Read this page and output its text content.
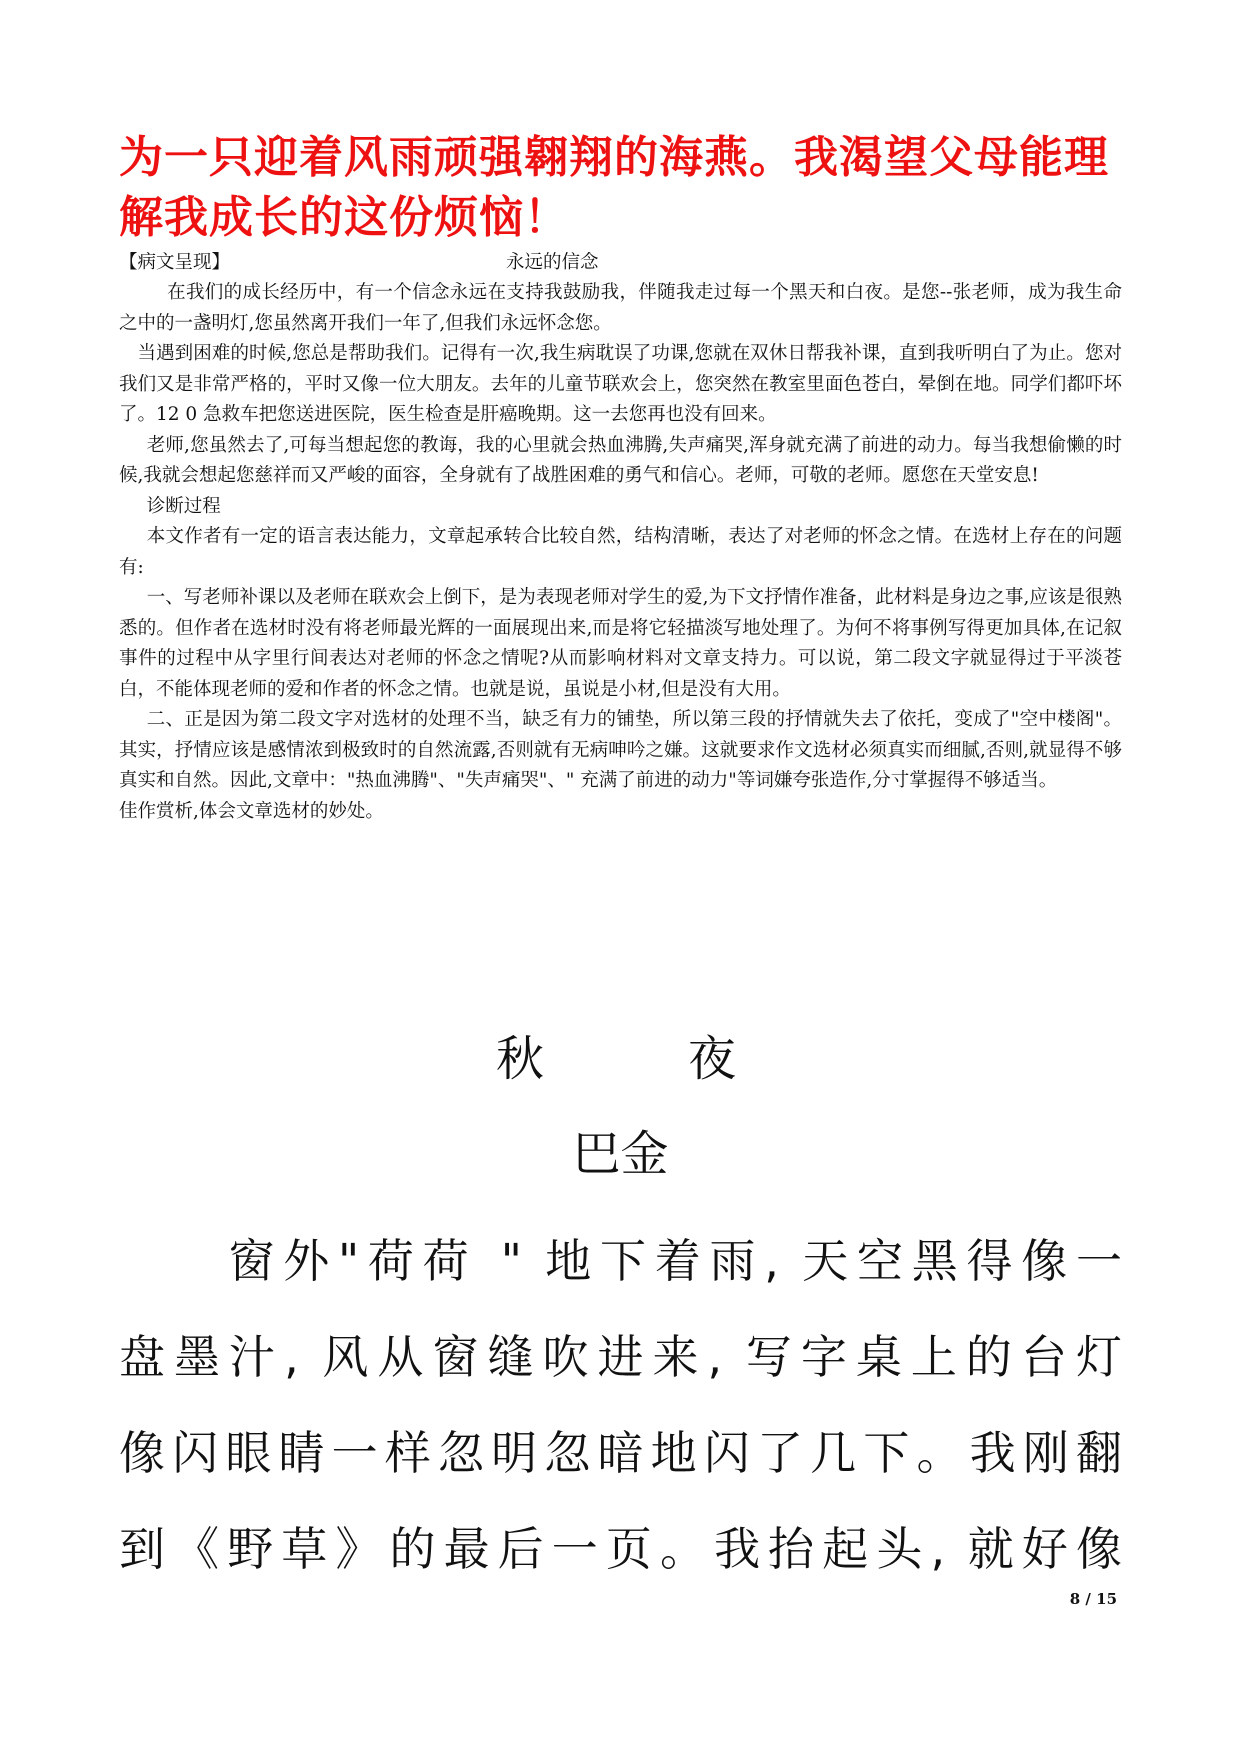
为一只迎着风雨顽强翱翔的海燕。我渴望父母能理

解我成长的这份烦恼！

【病文呈现】	永远的信念

在我们的成长经历中，有一个信念永远在支持我鼓励我，伴随我走过每一个黑天和白夜。是您--张老师，成为我生命之中的一盏明灯,您虽然离开我们一年了,但我们永远怀念您。

当遇到困难的时候,您总是帮助我们。记得有一次,我生病耽误了功课,您就在双休日帮我补课，直到我听明白了为止。您对我们又是非常严格的，平时又像一位大朋友。去年的儿童节联欢会上，您突然在教室里面色苍白，晕倒在地。同学们都吓坏了。12 0 急救车把您送进医院，医生检查是肝癌晚期。这一去您再也没有回来。

老师,您虽然去了,可每当想起您的教诲，我的心里就会热血沸腾,失声痛哭,浑身就充满了前进的动力。每当我想偷懒的时候,我就会想起您慈祥而又严峻的面容，全身就有了战胜困难的勇气和信心。老师，可敬的老师。愿您在天堂安息!

诊断过程

本文作者有一定的语言表达能力，文章起承转合比较自然，结构清晰，表达了对老师的怀念之情。在选材上存在的问题有:

一、写老师补课以及老师在联欢会上倒下，是为表现老师对学生的爱,为下文抒情作准备，此材料是身边之事,应该是很熟悉的。但作者在选材时没有将老师最光辉的一面展现出来,而是将它轻描淡写地处理了。为何不将事例写得更加具体,在记叙事件的过程中从字里行间表达对老师的怀念之情呢?从而影响材料对文章支持力。可以说，第二段文字就显得过于平淡苍白，不能体现老师的爱和作者的怀念之情。也就是说，虽说是小材,但是没有大用。

二、正是因为第二段文字对选材的处理不当，缺乏有力的铺垫，所以第三段的抒情就失去了依托，变成了"空中楼阁"。其实，抒情应该是感情浓到极致时的自然流露,否则就有无病呻吟之嫌。这就要求作文选材必须真实而细腻,否则,就显得不够真实和自然。因此,文章中："热血沸腾"、"失声痛哭"、" 充满了前进的动力"等词嫌夸张造作,分寸掌握得不够适当。

佳作赏析,体会文章选材的妙处。

秋	夜
巴金
　　窗外"荷荷 " 地下着雨, 天空黑得像一
盘墨汁, 风从窗缝吹进来, 写字桌上的台灯
像闪眼睛一样忽明忽暗地闪了几下。我刚翻
到《野草》的最后一页。我抬起头, 就好像
8 / 15
